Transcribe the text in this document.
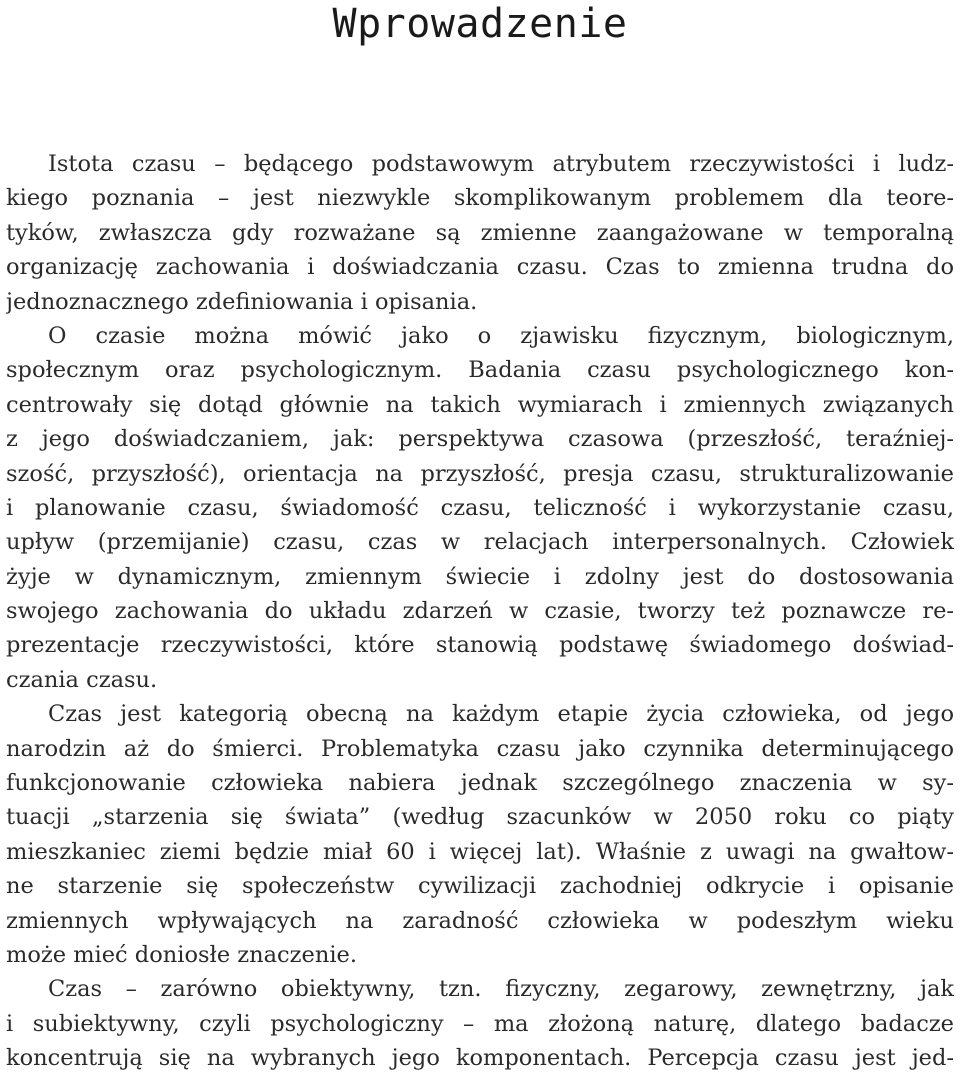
Wprowadzenie
Istota czasu – będącego podstawowym atrybutem rzeczywistości i ludz-
kiego poznania – jest niezwykle skomplikowanym problemem dla teore-
tyków, zwłaszcza gdy rozważane są zmienne zaangażowane w temporalną
organizację zachowania i doświadczania czasu. Czas to zmienna trudna do
jednoznacznego zdefiniowania i opisania.
O czasie można mówić jako o zjawisku fizycznym, biologicznym,
społecznym oraz psychologicznym. Badania czasu psychologicznego kon-
centrowały się dotąd głównie na takich wymiarach i zmiennych związanych
z jego doświadczaniem, jak: perspektywa czasowa (przeszłość, teraźniej-
szość, przyszłość), orientacja na przyszłość, presja czasu, strukturalizowanie
i planowanie czasu, świadomość czasu, teliczność i wykorzystanie czasu,
upływ (przemijanie) czasu, czas w relacjach interpersonalnych. Człowiek
żyje w dynamicznym, zmiennym świecie i zdolny jest do dostosowania
swojego zachowania do układu zdarzeń w czasie, tworzy też poznawcze re-
prezentacje rzeczywistości, które stanowią podstawę świadomego doświad-
czania czasu.
Czas jest kategorią obecną na każdym etapie życia człowieka, od jego
narodzin aż do śmierci. Problematyka czasu jako czynnika determinującego
funkcjonowanie człowieka nabiera jednak szczególnego znaczenia w sy-
tuacji „starzenia się świata” (według szacunków w 2050 roku co piąty
mieszkaniec ziemi będzie miał 60 i więcej lat). Właśnie z uwagi na gwałtow-
ne starzenie się społeczeństw cywilizacji zachodniej odkrycie i opisanie
zmiennych wpływających na zaradność człowieka w podeszłym wieku
może mieć doniosłe znaczenie.
Czas – zarówno obiektywny, tzn. fizyczny, zegarowy, zewnętrzny, jak
i subiektywny, czyli psychologiczny – ma złożoną naturę, dlatego badacze
koncentrują się na wybranych jego komponentach. Percepcja czasu jest jed-
